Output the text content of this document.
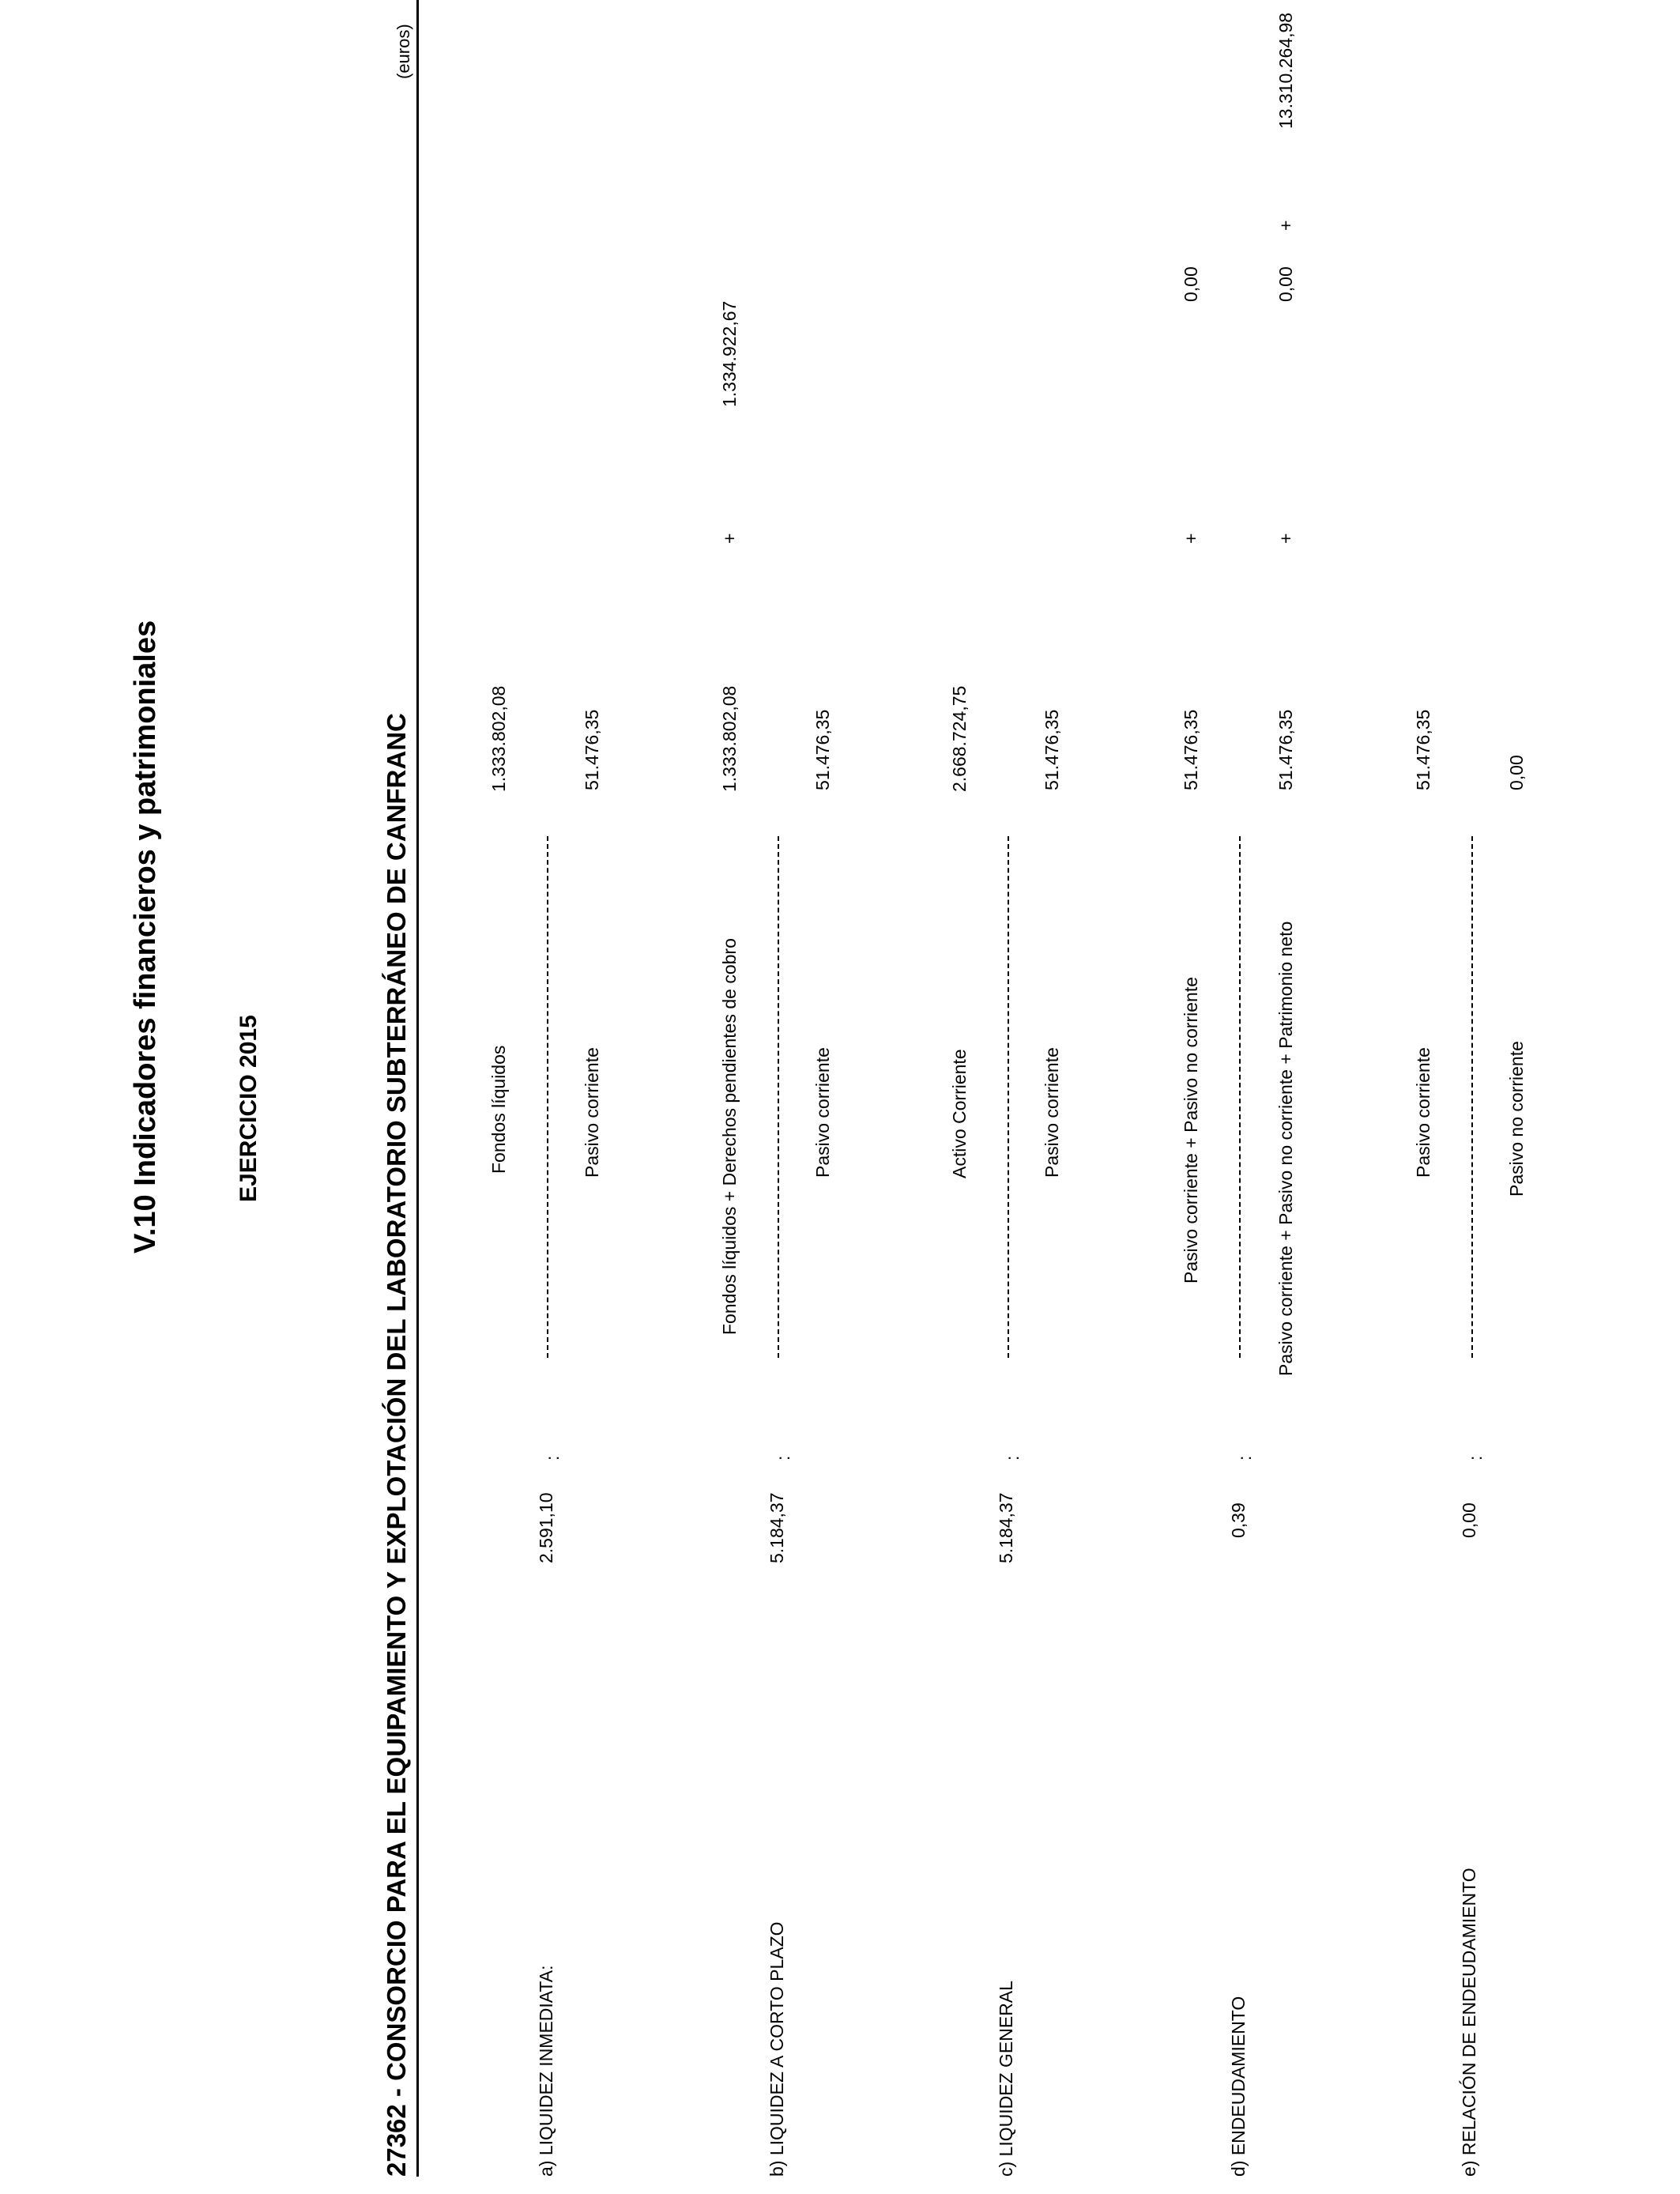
V.10 Indicadores financieros y patrimoniales	EJERCICIO 2015	27362 - CONSORCIO PARA EL EQUIPAMIENTO Y EXPLOTACIÓN DEL LABORATORIO SUBTERRÁNEO DE CANFRANC
(euros)
a) LIQUIDEZ INMEDIATA:
2.591,10
:
Fondos líquidos
1.333.802,08
Pasivo corriente
51.476,35
b) LIQUIDEZ A CORTO PLAZO
5.184,37
:
Fondos líquidos + Derechos pendientes de cobro
1.333.802,08
+
1.334.922,67
Pasivo corriente
51.476,35
c) LIQUIDEZ GENERAL
5.184,37
:
Activo Corriente
2.668.724,75
Pasivo corriente
51.476,35
d) ENDEUDAMIENTO
0,39
:
Pasivo corriente + Pasivo no corriente
51.476,35
+
0,00
Pasivo corriente + Pasivo no corriente + Patrimonio neto
51.476,35
+
0,00
+
13.310.264,98
e) RELACIÓN DE ENDEUDAMIENTO
0,00
:
Pasivo corriente
51.476,35
Pasivo no corriente
0,00
